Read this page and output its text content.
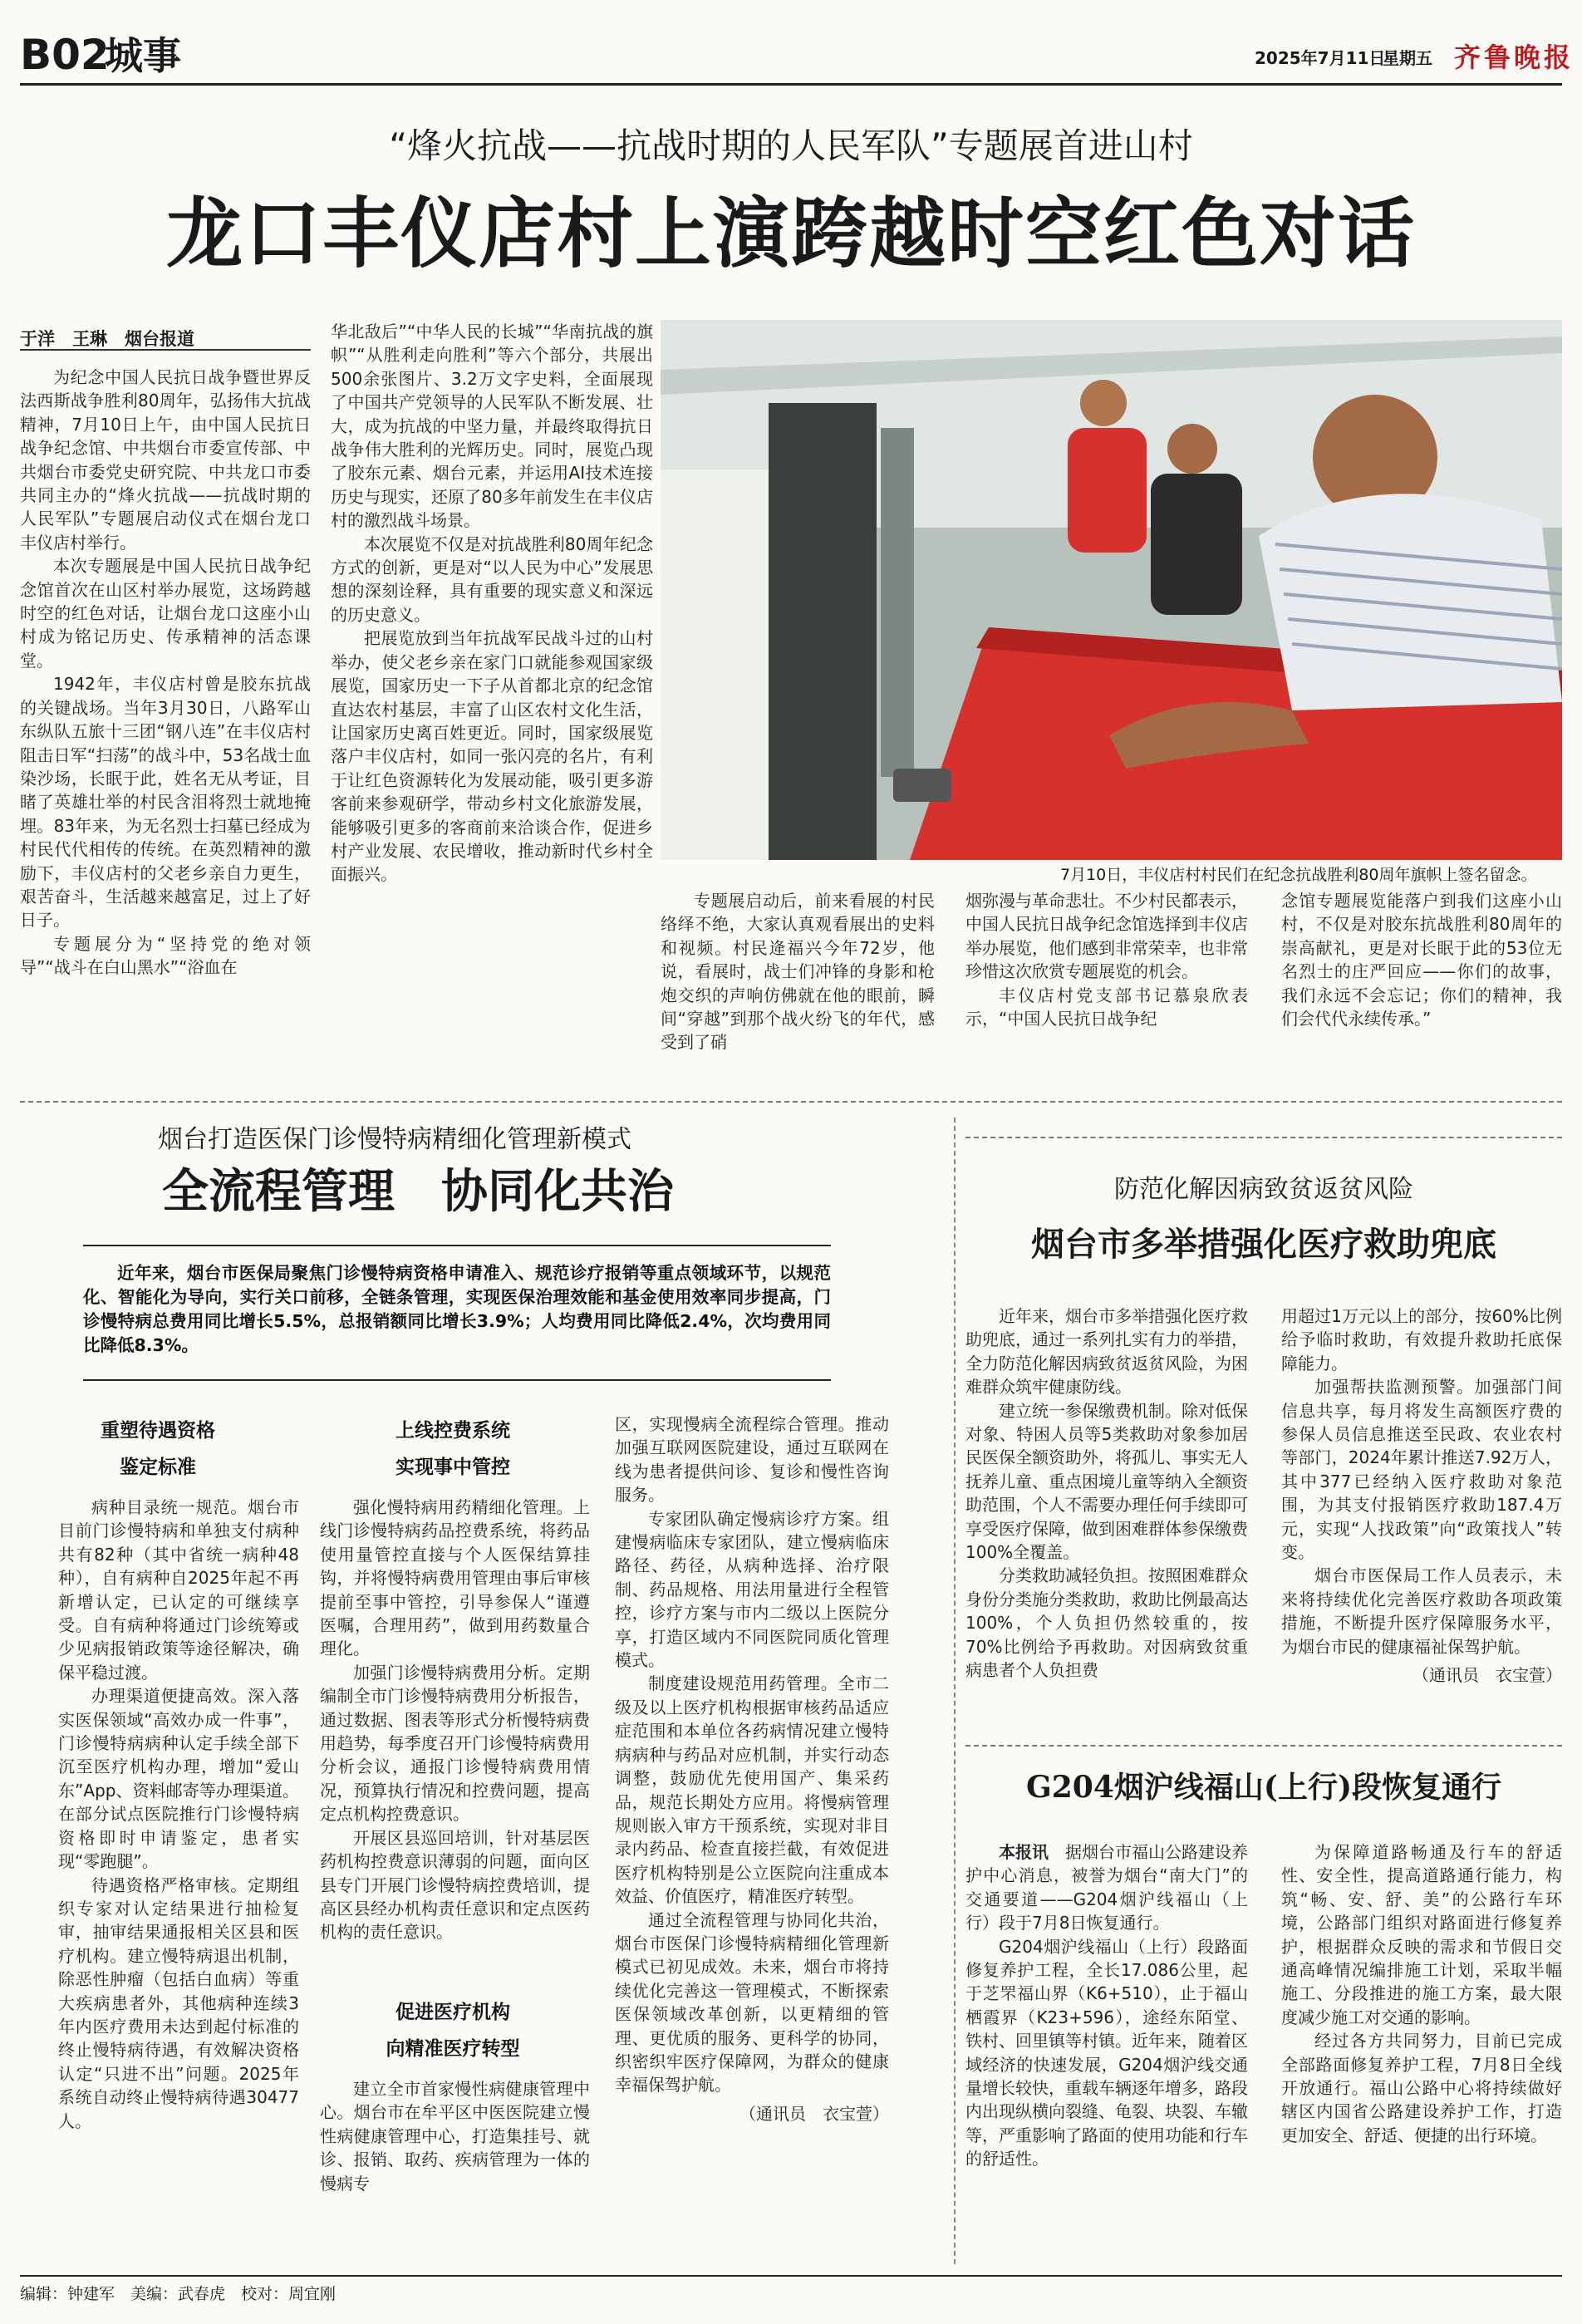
B02
城事	2025年7月11日
星期五 齐鲁晚报
“烽火抗战——抗战时期的人民军队”专题展首进山村
龙口丰仪店村上演跨越时空红色对话
于洋　王琳　烟台报道

为纪念中国人民抗日战争暨世界反法西斯战争胜利80周年，弘扬伟大抗战精神，7月10日上午，由中国人民抗日战争纪念馆、中共烟台市委宣传部、中共烟台市委党史研究院、中共龙口市委共同主办的“烽火抗战——抗战时期的人民军队”专题展启动仪式在烟台龙口丰仪店村举行。

本次专题展是中国人民抗日战争纪念馆首次在山区村举办展览，这场跨越时空的红色对话，让烟台龙口这座小山村成为铭记历史、传承精神的活态课堂。

1942年，丰仪店村曾是胶东抗战的关键战场。当年3月30日，八路军山东纵队五旅十三团“钢八连”在丰仪店村阻击日军“扫荡”的战斗中，53名战士血染沙场，长眠于此，姓名无从考证，目睹了英雄壮举的村民含泪将烈士就地掩埋。83年来，为无名烈士扫墓已经成为村民代代相传的传统。在英烈精神的激励下，丰仪店村的父老乡亲自力更生，艰苦奋斗，生活越来越富足，过上了好日子。

专题展分为“坚持党的绝对领导”“战斗在白山黑水”“浴血在

华北敌后”“中华人民的长城”“华南抗战的旗帜”“从胜利走向胜利”等六个部分，共展出500余张图片、3.2万文字史料，全面展现了中国共产党领导的人民军队不断发展、壮大，成为抗战的中坚力量，并最终取得抗日战争伟大胜利的光辉历史。同时，展览凸现了胶东元素、烟台元素，并运用AI技术连接历史与现实，还原了80多年前发生在丰仪店村的激烈战斗场景。

本次展览不仅是对抗战胜利80周年纪念方式的创新，更是对“以人民为中心”发展思想的深刻诠释，具有重要的现实意义和深远的历史意义。

把展览放到当年抗战军民战斗过的山村举办，使父老乡亲在家门口就能参观国家级展览，国家历史一下子从首都北京的纪念馆直达农村基层，丰富了山区农村文化生活，让国家历史离百姓更近。同时，国家级展览落户丰仪店村，如同一张闪亮的名片，有利于让红色资源转化为发展动能，吸引更多游客前来参观研学，带动乡村文化旅游发展，能够吸引更多的客商前来洽谈合作，促进乡村产业发展、农民增收，推动新时代乡村全面振兴。	7月10日，丰仪店村村民们在纪念抗战胜利80周年旗帜上签名留念。

专题展启动后，前来看展的村民络绎不绝，大家认真观看展出的史料和视频。村民逄福兴今年72岁，他说，看展时，战士们冲锋的身影和枪炮交织的声响仿佛就在他的眼前，瞬间“穿越”到那个战火纷飞的年代，感受到了硝

烟弥漫与革命悲壮。不少村民都表示，中国人民抗日战争纪念馆选择到丰仪店举办展览，他们感到非常荣幸，也非常珍惜这次欣赏专题展览的机会。

丰仪店村党支部书记慕泉欣表示，“中国人民抗日战争纪

念馆专题展览能落户到我们这座小山村，不仅是对胶东抗战胜利80周年的崇高献礼，更是对长眠于此的53位无名烈士的庄严回应——你们的故事，我们永远不会忘记；你们的精神，我们会代代永续传承。”

烟台打造医保门诊慢特病精细化管理新模式
全流程管理　协同化共治
近年来，烟台市医保局聚焦门诊慢特病资格申请准入、规范诊疗报销等重点领域环节，以规范化、智能化为导向，实行关口前移，全链条管理，实现医保治理效能和基金使用效率同步提高，门诊慢特病总费用同比增长5.5%，总报销额同比增长3.9%；人均费用同比降低2.4%，次均费用同比降低8.3%。
重塑待遇资格
鉴定标准

病种目录统一规范。烟台市目前门诊慢特病和单独支付病种共有82种（其中省统一病种48种），自有病种自2025年起不再新增认定，已认定的可继续享受。自有病种将通过门诊统筹或少见病报销政策等途径解决，确保平稳过渡。

办理渠道便捷高效。深入落实医保领域“高效办成一件事”，门诊慢特病病种认定手续全部下沉至医疗机构办理，增加“爱山东”App、资料邮寄等办理渠道。在部分试点医院推行门诊慢特病资格即时申请鉴定，患者实现“零跑腿”。

待遇资格严格审核。定期组织专家对认定结果进行抽检复审，抽审结果通报相关区县和医疗机构。建立慢特病退出机制，除恶性肿瘤（包括白血病）等重大疾病患者外，其他病种连续3年内医疗费用未达到起付标准的终止慢特病待遇，有效解决资格认定“只进不出”问题。2025年系统自动终止慢特病待遇30477人。

上线控费系统
实现事中管控

强化慢特病用药精细化管理。上线门诊慢特病药品控费系统，将药品使用量管控直接与个人医保结算挂钩，并将慢特病费用管理由事后审核提前至事中管控，引导参保人“谨遵医嘱，合理用药”，做到用药数量合理化。

加强门诊慢特病费用分析。定期编制全市门诊慢特病费用分析报告，通过数据、图表等形式分析慢特病费用趋势，每季度召开门诊慢特病费用分析会议，通报门诊慢特病费用情况，预算执行情况和控费问题，提高定点机构控费意识。

开展区县巡回培训，针对基层医药机构控费意识薄弱的问题，面向区县专门开展门诊慢特病控费培训，提高区县经办机构责任意识和定点医药机构的责任意识。

促进医疗机构
向精准医疗转型

建立全市首家慢性病健康管理中心。烟台市在牟平区中医医院建立慢性病健康管理中心，打造集挂号、就诊、报销、取药、疾病管理为一体的慢病专

区，实现慢病全流程综合管理。推动加强互联网医院建设，通过互联网在线为患者提供问诊、复诊和慢性咨询服务。

专家团队确定慢病诊疗方案。组建慢病临床专家团队，建立慢病临床路径、药径，从病种选择、治疗限制、药品规格、用法用量进行全程管控，诊疗方案与市内二级以上医院分享，打造区域内不同医院同质化管理模式。

制度建设规范用药管理。全市二级及以上医疗机构根据审核药品适应症范围和本单位各药病情况建立慢特病病种与药品对应机制，并实行动态调整，鼓励优先使用国产、集采药品，规范长期处方应用。将慢病管理规则嵌入审方干预系统，实现对非目录内药品、检查直接拦截，有效促进医疗机构特别是公立医院向注重成本效益、价值医疗，精准医疗转型。

通过全流程管理与协同化共治，烟台市医保门诊慢特病精细化管理新模式已初见成效。未来，烟台市将持续优化完善这一管理模式，不断探索医保领域改革创新，以更精细的管理、更优质的服务、更科学的协同，织密织牢医疗保障网，为群众的健康幸福保驾护航。

（通讯员　衣宝萱）
防范化解因病致贫返贫风险
烟台市多举措强化医疗救助兜底

近年来，烟台市多举措强化医疗救助兜底，通过一系列扎实有力的举措，全力防范化解因病致贫返贫风险，为困难群众筑牢健康防线。

建立统一参保缴费机制。除对低保对象、特困人员等5类救助对象参加居民医保全额资助外，将孤儿、事实无人抚养儿童、重点困境儿童等纳入全额资助范围，个人不需要办理任何手续即可享受医疗保障，做到困难群体参保缴费100%全覆盖。

分类救助减轻负担。按照困难群众身份分类施分类救助，救助比例最高达100%，个人负担仍然较重的，按70%比例给予再救助。对因病致贫重病患者个人负担费

用超过1万元以上的部分，按60%比例给予临时救助，有效提升救助托底保障能力。

加强帮扶监测预警。加强部门间信息共享，每月将发生高额医疗费的参保人员信息推送至民政、农业农村等部门，2024年累计推送7.92万人，其中377已经纳入医疗救助对象范围，为其支付报销医疗救助187.4万元，实现“人找政策”向“政策找人”转变。

烟台市医保局工作人员表示，未来将持续优化完善医疗救助各项政策措施，不断提升医疗保障服务水平，为烟台市民的健康福祉保驾护航。

（通讯员　衣宝萱）
G204烟沪线福山(上行)段恢复通行

本报讯　 据烟台市福山公路建设养护中心消息，被誉为烟台“南大门”的交通要道——G204烟沪线福山（上行）段于7月8日恢复通行。

G204烟沪线福山（上行）段路面修复养护工程，全长17.086公里，起于芝罘福山界（K6+510），止于福山栖霞界（K23+596），途经东陌堂、铁村、回里镇等村镇。近年来，随着区域经济的快速发展，G204烟沪线交通量增长较快，重载车辆逐年增多，路段内出现纵横向裂缝、龟裂、块裂、车辙等，严重影响了路面的使用功能和行车的舒适性。

为保障道路畅通及行车的舒适性、安全性，提高道路通行能力，构筑“畅、安、舒、美”的公路行车环境，公路部门组织对路面进行修复养护，根据群众反映的需求和节假日交通高峰情况编排施工计划，采取半幅施工、分段推进的施工方案，最大限度减少施工对交通的影响。

经过各方共同努力，目前已完成全部路面修复养护工程，7月8日全线开放通行。福山公路中心将持续做好辖区内国省公路建设养护工作，打造更加安全、舒适、便捷的出行环境。

编辑：钟建军　美编：武春虎　校对：周宜刚
